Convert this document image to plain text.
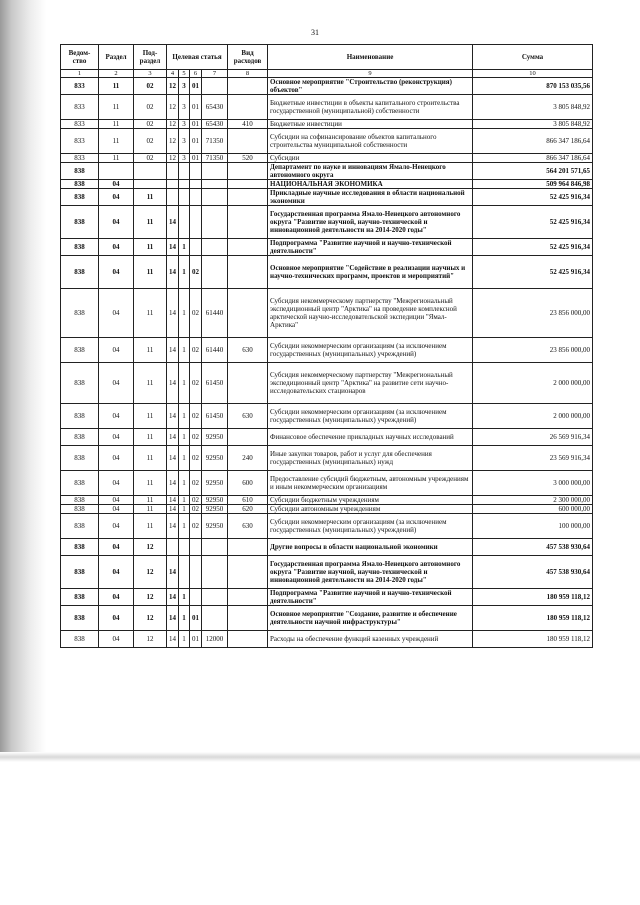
31
Ведом-
ство	Раздел	Под-
раздел	Целевая статья				Вид
расходов	Наименование	Сумма
1	2	3	4	5	6	7	8	9	10
833	11	02	12	3	01			Основное мероприятие "Строительство (реконструкция) объектов"	870 153 035,56
833	11	02	12	3	01	65430		Бюджетные инвестиции в объекты капитального строительства государственной (муниципальной) собственности	3 805 848,92
833	11	02	12	3	01	65430	410	Бюджетные инвестиции	3 805 848,92
833	11	02	12	3	01	71350		Субсидии на софинансирование объектов капитального строительства муниципальной собственности	866 347 186,64
833	11	02	12	3	01	71350	520	Субсидии	866 347 186,64
838								Департамент по науке и инновациям Ямало-Ненецкого автономного округа	564 201 571,65
838	04							НАЦИОНАЛЬНАЯ ЭКОНОМИКА	509 964 846,98
838	04	11						Прикладные научные исследования в области национальной экономики	52 425 916,34
838	04	11	14					Государственная программа Ямало-Ненецкого автономного округа "Развитие научной, научно-технической и инновационной деятельности на 2014-2020 годы"	52 425 916,34
838	04	11	14	1				Подпрограмма "Развитие научной и научно-технической деятельности"	52 425 916,34
838	04	11	14	1	02			Основное мероприятие "Содействие в реализации научных и научно-технических программ, проектов и мероприятий"	52 425 916,34
838	04	11	14	1	02	61440		Субсидия некоммерческому партнерству "Межрегиональный экспедиционный центр "Арктика" на проведение комплексной арктической научно-исследовательской экспедиции "Ямал-Арктика"	23 856 000,00
838	04	11	14	1	02	61440	630	Субсидии некоммерческим организациям (за исключением государственных (муниципальных) учреждений)	23 856 000,00
838	04	11	14	1	02	61450		Субсидия некоммерческому партнерству "Межрегиональный экспедиционный центр "Арктика" на развитие сети научно-исследовательских стационаров	2 000 000,00
838	04	11	14	1	02	61450	630	Субсидии некоммерческим организациям (за исключением государственных (муниципальных) учреждений)	2 000 000,00
838	04	11	14	1	02	92950		Финансовое обеспечение прикладных научных исследований	26 569 916,34
838	04	11	14	1	02	92950	240	Иные закупки товаров, работ и услуг для обеспечения государственных (муниципальных) нужд	23 569 916,34
838	04	11	14	1	02	92950	600	Предоставление субсидий бюджетным, автономным учреждениям и иным некоммерческим организациям	3 000 000,00
838	04	11	14	1	02	92950	610	Субсидии бюджетным учреждениям	2 300 000,00
838	04	11	14	1	02	92950	620	Субсидии автономным учреждениям	600 000,00
838	04	11	14	1	02	92950	630	Субсидии некоммерческим организациям (за исключением государственных (муниципальных) учреждений)	100 000,00
838	04	12						Другие вопросы в области национальной экономики	457 538 930,64
838	04	12	14					Государственная программа Ямало-Ненецкого автономного округа "Развитие научной, научно-технической и инновационной деятельности на 2014-2020 годы"	457 538 930,64
838	04	12	14	1				Подпрограмма "Развитие научной и научно-технической деятельности"	180 959 118,12
838	04	12	14	1	01			Основное мероприятие "Создание, развитие и обеспечение деятельности научной инфраструктуры"	180 959 118,12
838	04	12	14	1	01	12000		Расходы на обеспечение функций казенных учреждений	180 959 118,12
